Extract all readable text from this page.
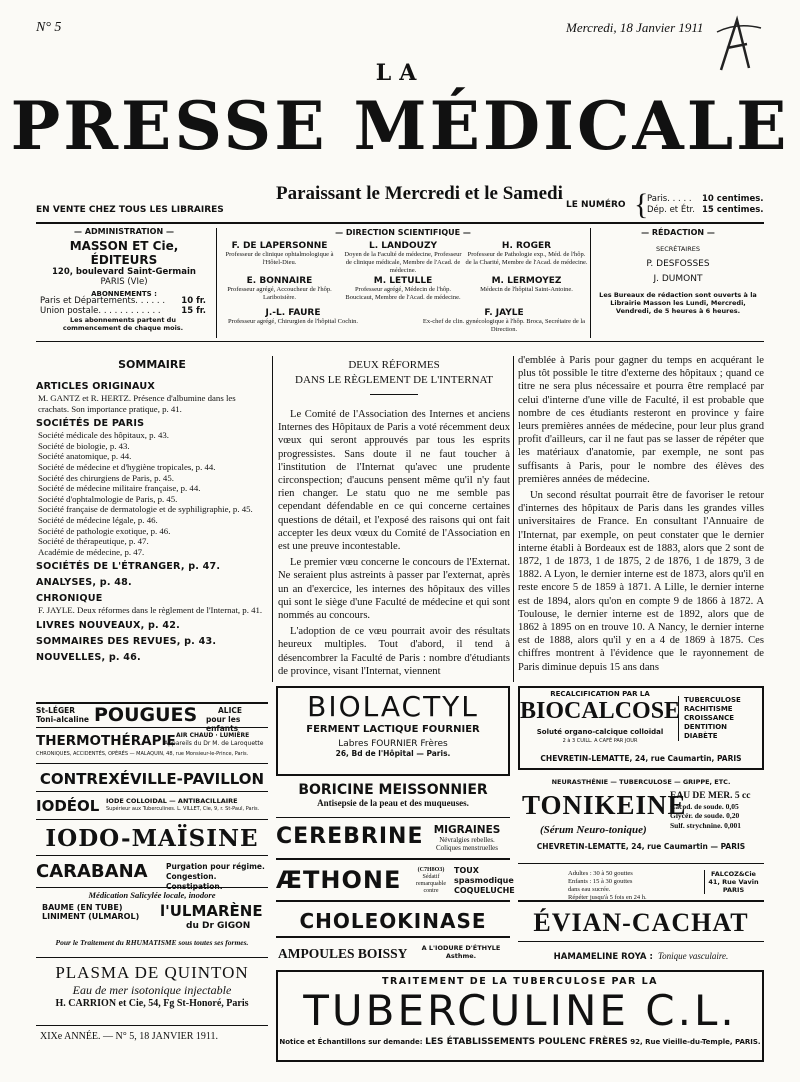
N° 5	Mercredi, 18 Janvier 1911
LA
PRESSE MÉDICALE
Paraissant le Mercredi et le Samedi
EN VENTE CHEZ TOUS LES LIBRAIRES	LE NUMÉRO {
Paris. . . . . 10 centimes.
Dép. et Étr. 15 centimes.
— ADMINISTRATION —
MASSON ET Cie, ÉDITEURS
120, boulevard Saint-Germain
PARIS (VIe)
ABONNEMENTS :
Paris et Départements. . . . . . 10 fr.
Union postale. . . . . . . . . . . . 15 fr.
Les abonnements partent du commencement de chaque mois.
— DIRECTION SCIENTIFIQUE —
F. DE LAPERSONNE
Professeur de clinique ophtalmologique à l'Hôtel-Dieu.
L. LANDOUZY
Doyen de la Faculté de médecine, Professeur de clinique médicale, Membre de l'Acad. de médecine.
H. ROGER
Professeur de Pathologie exp., Méd. de l'hôp. de la Charité, Membre de l'Acad. de médecine.
E. BONNAIRE
Professeur agrégé, Accoucheur de l'hôp. Lariboisière.
M. LETULLE
Professeur agrégé, Médecin de l'hôp. Boucicaut, Membre de l'Acad. de médecine.
M. LERMOYEZ
Médecin de l'hôpital Saint-Antoine.
J.-L. FAURE
Professeur agrégé, Chirurgien de l'hôpital Cochin.
F. JAYLE
Ex-chef de clin. gynécologique à l'hôp. Broca, Secrétaire de la Direction.
— RÉDACTION —
SECRÉTAIRES
P. DESFOSSES
J. DUMONT
Les Bureaux de rédaction sont ouverts à la Librairie Masson les Lundi, Mercredi, Vendredi, de 5 heures à 6 heures.
SOMMAIRE
ARTICLES ORIGINAUX
M. GANTZ et R. HERTZ. Présence d'albumine dans les crachats. Son importance pratique, p. 41.
SOCIÉTÉS DE PARIS
Société médicale des hôpitaux, p. 43.
Société de biologie, p. 43.
Société anatomique, p. 44.
Société de médecine et d'hygiène tropicales, p. 44.
Société des chirurgiens de Paris, p. 45.
Société de médecine militaire française, p. 44.
Société d'ophtalmologie de Paris, p. 45.
Société française de dermatologie et de syphiligraphie, p. 45.
Société de médecine légale, p. 46.
Société de pathologie exotique, p. 46.
Société de thérapeutique, p. 47.
Académie de médecine, p. 47.
SOCIÉTÉS DE L'ÉTRANGER, p. 47.
ANALYSES, p. 48.
CHRONIQUE
F. JAYLE. Deux réformes dans le règlement de l'Internat, p. 41.
LIVRES NOUVEAUX, p. 42.
SOMMAIRES DES REVUES, p. 43.
NOUVELLES, p. 46.
DEUX RÉFORMES
DANS LE RÈGLEMENT DE L'INTERNAT

Le Comité de l'Association des Internes et anciens Internes des Hôpitaux de Paris a voté récemment deux vœux qui seront approuvés par tous les esprits progressistes. Sans doute il ne faut toucher à l'institution de l'Internat qu'avec une prudente circonspection; d'aucuns pensent même qu'il n'y faut rien changer. Le statu quo ne me semble pas cependant défendable en ce qui concerne certaines questions de détail, et l'exposé des raisons qui ont fait accepter les deux vœux du Comité de l'Association en est une preuve incontestable.

Le premier vœu concerne le concours de l'Externat. Ne seraient plus astreints à passer par l'externat, après un an d'exercice, les internes des hôpitaux des villes qui sont le siège d'une Faculté de médecine et qui sont nommés au concours.

L'adoption de ce vœu pourrait avoir des résultats heureux multiples. Tout d'abord, il tend à désencombrer la Faculté de Paris : nombre d'étudiants de province, visant l'Internat, viennent

d'emblée à Paris pour gagner du temps en acquérant le plus tôt possible le titre d'externe des hôpitaux ; quand ce titre ne sera plus nécessaire et pourra être remplacé par celui d'interne d'une ville de Faculté, il est probable que nombre de ces étudiants resteront en province y faire leurs premières années de médecine, pour leur plus grand profit d'ailleurs, car il ne faut pas se lasser de répéter que les matériaux d'anatomie, par exemple, ne sont pas suffisants à Paris, pour le nombre des élèves des premières années de médecine.

Un second résultat pourrait être de favoriser le retour d'internes des hôpitaux de Paris dans les grandes villes universitaires de France. En consultant l'Annuaire de l'Internat, par exemple, on peut constater que le dernier interne établi à Bordeaux est de 1883, alors que 2 sont de 1872, 1 de 1873, 1 de 1875, 2 de 1876, 1 de 1879, 3 de 1882. A Lyon, le dernier interne est de 1873, alors qu'il en reste encore 5 de 1859 à 1871. A Lille, le dernier interne est de 1894, alors qu'on en compte 9 de 1866 à 1872. A Toulouse, le dernier interne est de 1892, alors que de 1862 à 1895 on en trouve 10. A Nancy, le dernier interne est de 1888, alors qu'il y en a 4 de 1869 à 1875. Ces chiffres montrent à l'évidence que le rayonnement de Paris diminue depuis 15 ans dans

St-LÉGER
Toni-alcaline POUGUES	ALICE
pour les enfants
THERMOTHÉRAPIE AIR CHAUD · LUMIÈRE
Appareils du Dr M. de Laroquette
CHRONIQUES, ACCIDENTÉS, OPÉRÉS — MALAQUIN, 48, rue Monsieur-le-Prince, Paris.
CONTREXÉVILLE-PAVILLON
IODÉOL IODE COLLOIDAL — ANTIBACILLAIRE
Supérieur aux Tuberculines. L. VILLET, Cie, 9, r. St-Paul, Paris.
IODO-MAÏSINE
CARABANA Purgation pour régime.
Congestion. Constipation.
Médication Salicylée locale, inodore
BAUME (EN TUBE)
LINIMENT (ULMAROL) l'ULMARÈNE
du Dr GIGON
Pour le Traitement du RHUMATISME sous toutes ses formes.
PLASMA DE QUINTON
Eau de mer isotonique injectable
H. CARRION et Cie, 54, Fg St-Honoré, Paris
XIXe ANNÉE. — N° 5, 18 JANVIER 1911.
BIOLACTYL
FERMENT LACTIQUE FOURNIER
Labres FOURNIER Frères
26, Bd de l'Hôpital — Paris.
BORICINE MEISSONNIER
Antisepsie de la peau et des muqueuses.
CEREBRINE MIGRAINES
Névralgies rebelles.
Coliques menstruelles
ÆTHONE	(C7H8O3)
Sédatif remarquable contre
TOUX spasmodique
COQUELUCHE
CHOLEOKINASE
AMPOULES BOISSY	A L'IODURE D'ÉTHYLE
Asthme.
RECALCIFICATION PAR LA
BIOCALCOSE
Soluté organo-calcique colloïdal
2 à 3 CUILL. A CAFÉ PAR JOUR
TUBERCULOSE
RACHITISME
CROISSANCE
DENTITION
DIABÈTE
CHEVRETIN-LEMATTE, 24, rue Caumartin, PARIS
NEURASTHÉNIE — TUBERCULOSE — GRIPPE, ETC.
TONIKEINE
(Sérum Neuro-tonique)
EAU DE MER. 5 cc
Cacod. de soude. 0,05
Glycér. de soude. 0,20
Sulf. strychnine. 0,001
CHEVRETIN-LEMATTE, 24, rue Caumartin — PARIS
Adultes : 30 à 50 gouttes
Enfants : 15 à 30 gouttes
dans eau sucrée.
Répéter jusqu'à 5 fois en 24 h.
FALCOZ&Cie
41, Rue Vavin
PARIS
ÉVIAN-CACHAT
HAMAMELINE ROYA : Tonique vasculaire.
TRAITEMENT DE LA TUBERCULOSE PAR LA
TUBERCULINE C.L.
Notice et Échantillons sur demande: LES ÉTABLISSEMENTS POULENC FRÈRES 92, Rue Vieille-du-Temple, PARIS.
